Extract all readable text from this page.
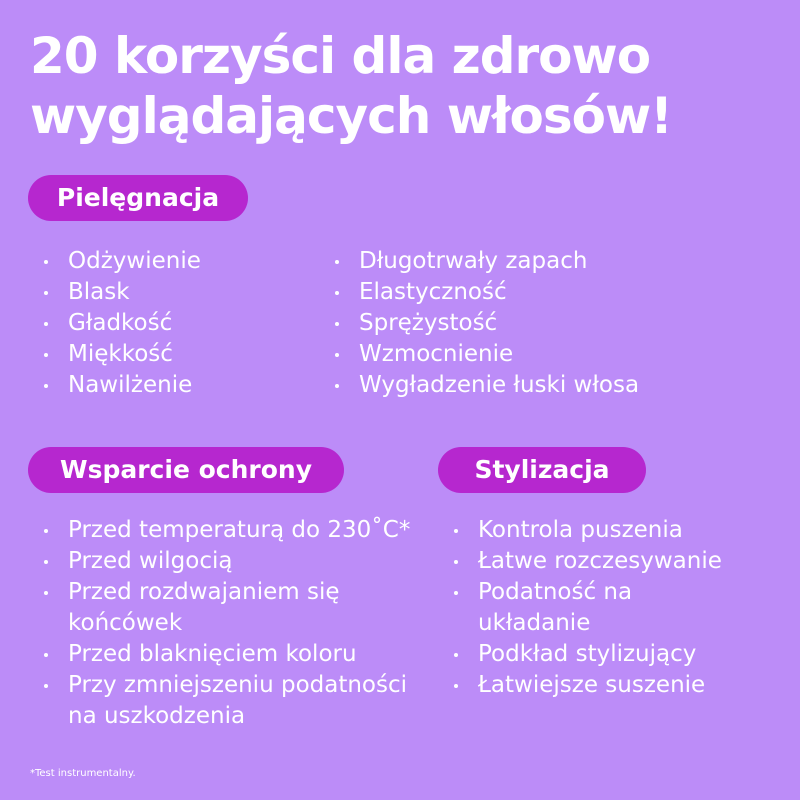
20 korzyści dla zdrowo
wyglądających włosów!
Pielęgnacja
Odżywienie
Blask
Gładkość
Miękkość
Nawilżenie
Długotrwały zapach
Elastyczność
Sprężystość
Wzmocnienie
Wygładzenie łuski włosa
Wsparcie ochrony
Przed temperaturą do 230˚C*
Przed wilgocią
Przed rozdwajaniem się
końcówek
Przed blaknięciem koloru
Przy zmniejszeniu podatności
na uszkodzenia
Stylizacja
Kontrola puszenia
Łatwe rozczesywanie
Podatność na
układanie
Podkład stylizujący
Łatwiejsze suszenie
*Test instrumentalny.
